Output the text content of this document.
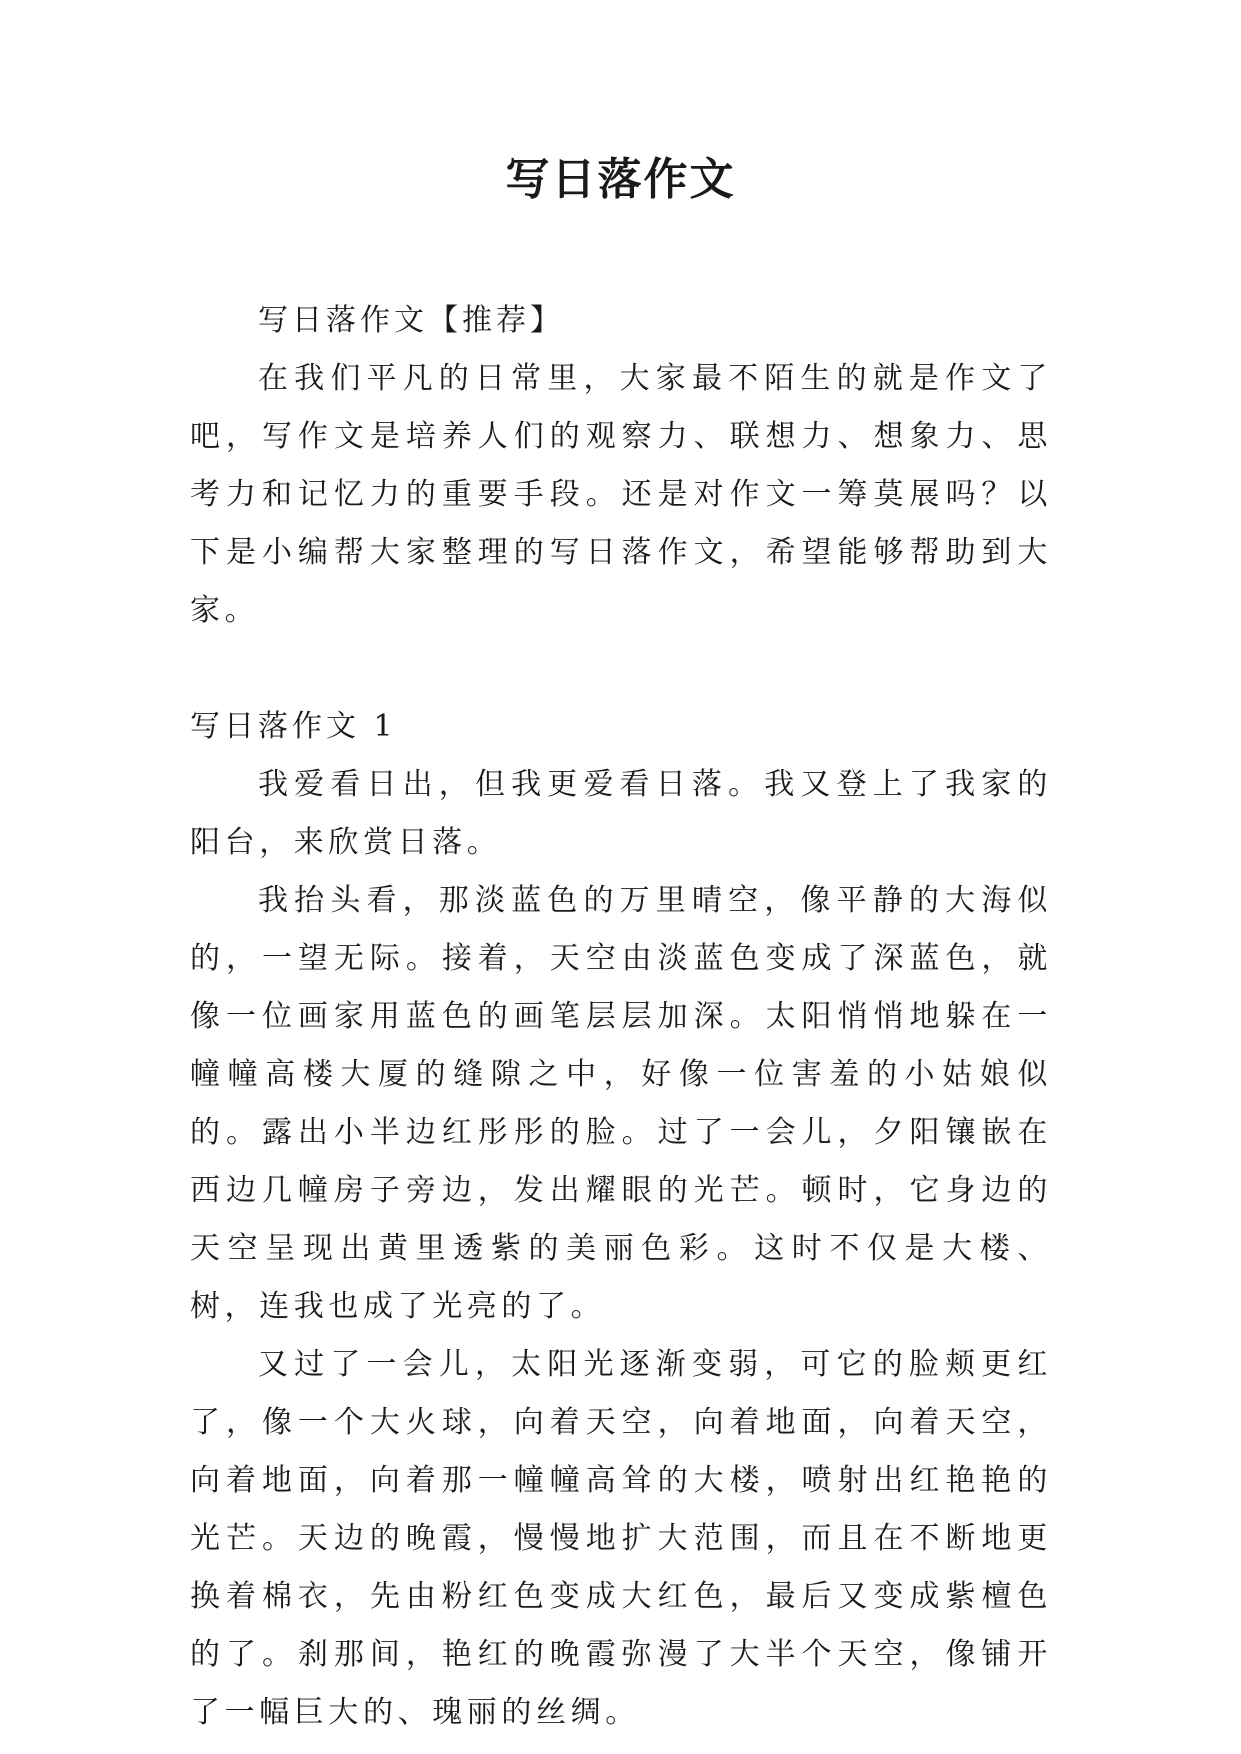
写日落作文

写日落作文【推荐】

在我们平凡的日常里，大家最不陌生的就是作文了吧，写作文是培养人们的观察力、联想力、想象力、思考力和记忆力的重要手段。还是对作文一筹莫展吗？以下是小编帮大家整理的写日落作文，希望能够帮助到大家。

写日落作文 1

我爱看日出，但我更爱看日落。我又登上了我家的阳台，来欣赏日落。

我抬头看，那淡蓝色的万里晴空，像平静的大海似的，一望无际。接着，天空由淡蓝色变成了深蓝色，就像一位画家用蓝色的画笔层层加深。太阳悄悄地躲在一幢幢高楼大厦的缝隙之中，好像一位害羞的小姑娘似的。露出小半边红彤彤的脸。过了一会儿，夕阳镶嵌在西边几幢房子旁边，发出耀眼的光芒。顿时，它身边的天空呈现出黄里透紫的美丽色彩。这时不仅是大楼、树，连我也成了光亮的了。

又过了一会儿，太阳光逐渐变弱，可它的脸颊更红了，像一个大火球，向着天空，向着地面，向着天空，向着地面，向着那一幢幢高耸的大楼，喷射出红艳艳的光芒。天边的晚霞，慢慢地扩大范围，而且在不断地更换着棉衣，先由粉红色变成大红色，最后又变成紫檀色的了。刹那间，艳红的晚霞弥漫了大半个天空，像铺开了一幅巨大的、瑰丽的丝绸。
